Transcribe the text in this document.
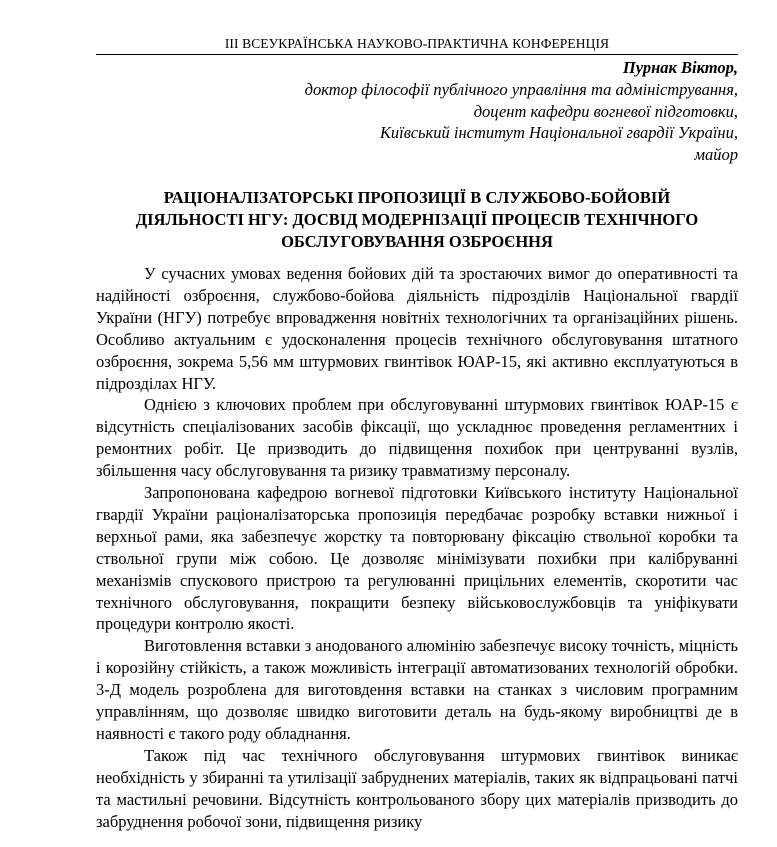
ІІІ ВСЕУКРАЇНСЬКА НАУКОВО-ПРАКТИЧНА КОНФЕРЕНЦІЯ
Пурнак Віктор,
доктор філософії публічного управління та адміністрування,
доцент кафедри вогневої підготовки,
Київський інститут Національної гвардії України,
майор
РАЦІОНАЛІЗАТОРСЬКІ ПРОПОЗИЦІЇ В СЛУЖБОВО-БОЙОВІЙ
ДІЯЛЬНОСТІ НГУ: ДОСВІД МОДЕРНІЗАЦІЇ ПРОЦЕСІВ ТЕХНІЧНОГО
ОБСЛУГОВУВАННЯ ОЗБРОЄННЯ

У сучасних умовах ведення бойових дій та зростаючих вимог до оперативності та надійності озброєння, службово-бойова діяльність підрозділів Національної гвардії України (НГУ) потребує впровадження новітніх технологічних та організаційних рішень. Особливо актуальним є удосконалення процесів технічного обслуговування штатного озброєння, зокрема 5,56 мм штурмових гвинтівок ЮАР-15, які активно експлуатуються в підрозділах НГУ.

Однією з ключових проблем при обслуговуванні штурмових гвинтівок ЮАР-15 є відсутність спеціалізованих засобів фіксації, що ускладнює проведення регламентних і ремонтних робіт. Це призводить до підвищення похибок при центруванні вузлів, збільшення часу обслуговування та ризику травматизму персоналу.

Запропонована кафедрою вогневої підготовки Київського інституту Національної гвардії України раціоналізаторська пропозиція передбачає розробку вставки нижньої і верхньої рами, яка забезпечує жорстку та повторювану фіксацію ствольної коробки та ствольної групи між собою. Це дозволяє мінімізувати похибки при калібруванні механізмів спускового пристрою та регулюванні прицільних елементів, скоротити час технічного обслуговування, покращити безпеку військовослужбовців та уніфікувати процедури контролю якості.

Виготовлення вставки з анодованого алюмінію забезпечує високу точність, міцність і корозійну стійкість, а також можливість інтеграції автоматизованих технологій обробки. 3-Д модель розроблена для виготовдення вставки на станках з числовим програмним управлінням, що дозволяє швидко виготовити деталь на будь-якому виробництві де в наявності є такого роду обладнання.

Також під час технічного обслуговування штурмових гвинтівок виникає необхідність у збиранні та утилізації забруднених матеріалів, таких як відпрацьовані патчі та мастильні речовини. Відсутність контрольованого збору цих матеріалів призводить до забруднення робочої зони, підвищення ризику
